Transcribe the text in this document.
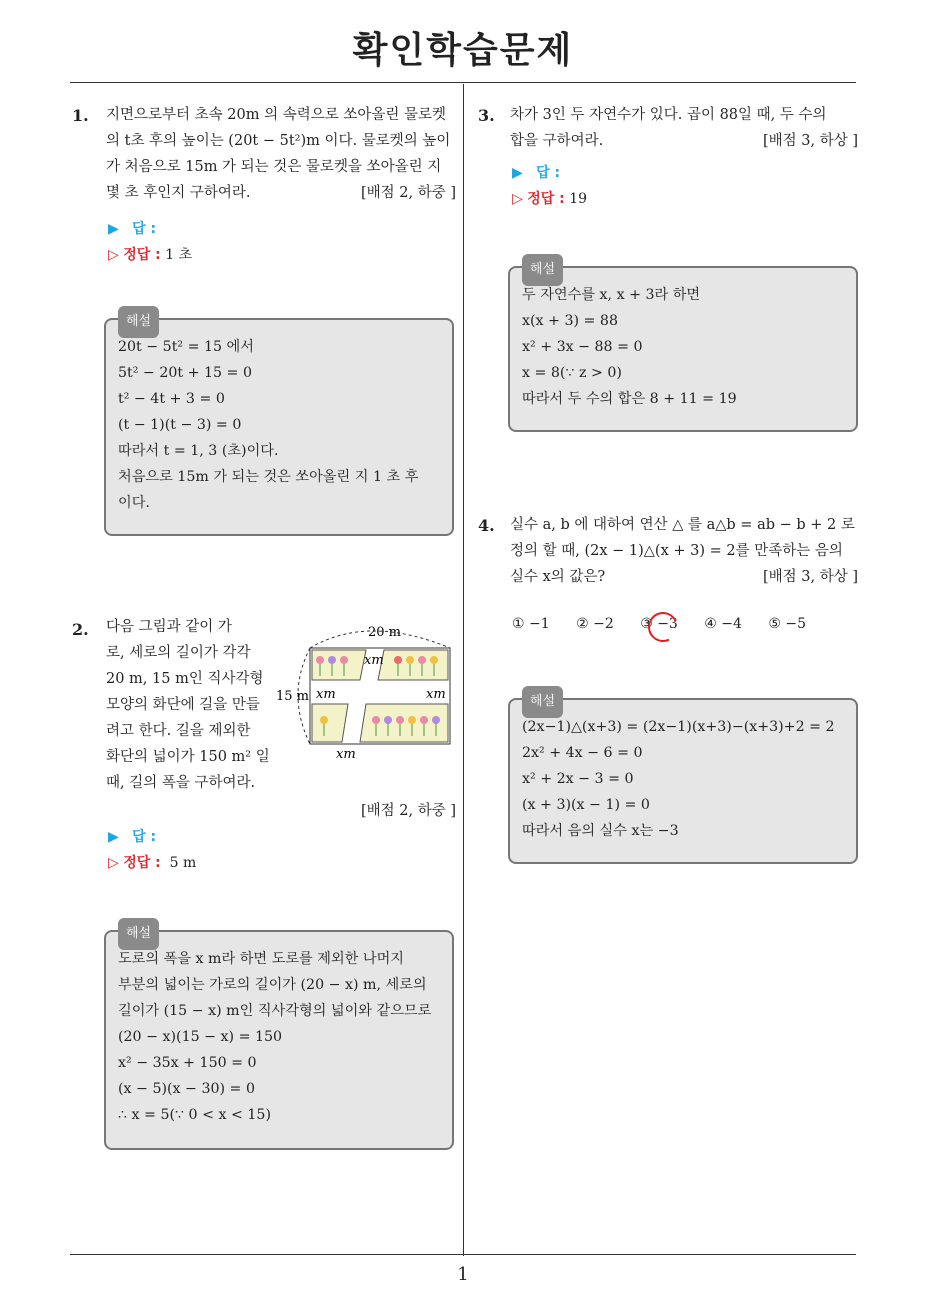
확인학습문제
1
1. 지면으로부터 초속 20m 의 속력으로 쏘아올린 물로켓
의 t초 후의 높이는 (20t − 5t²)m 이다. 물로켓의 높이
가 처음으로 15m 가 되는 것은 물로켓을 쏘아올린 지
몇 초 후인지 구하여라.	[배점 2, 하중 ]
▶ 답 :
▷ 정답 : 1 초
해설
20t − 5t² = 15 에서
5t² − 20t + 15 = 0
t² − 4t + 3 = 0
(t − 1)(t − 3) = 0
따라서 t = 1, 3 (초)이다.
처음으로 15m 가 되는 것은 쏘아올린 지 1 초 후
이다.
2. 다음 그림과 같이 가
로, 세로의 길이가 각각
20 m, 15 m인 직사각형
모양의 화단에 길을 만들
려고 한다. 길을 제외한
화단의 넓이가 150 m² 일
때, 길의 폭을 구하여라.
[배점 2, 하중 ]
20 m
15 m
xm
xm	xm
xm
▶ 답 :
▷ 정답 : 5 m
해설
도로의 폭을 x m라 하면 도로를 제외한 나머지
부분의 넓이는 가로의 길이가 (20 − x) m, 세로의
길이가 (15 − x) m인 직사각형의 넓이와 같으므로
(20 − x)(15 − x) = 150
x² − 35x + 150 = 0
(x − 5)(x − 30) = 0
∴ x = 5(∵ 0 < x < 15)
3. 차가 3인 두 자연수가 있다. 곱이 88일 때, 두 수의
합을 구하여라.	[배점 3, 하상 ]
▶ 답 :
▷ 정답 : 19
해설
두 자연수를 x, x + 3라 하면
x(x + 3) = 88
x² + 3x − 88 = 0
x = 8(∵ z > 0)
따라서 두 수의 합은 8 + 11 = 19
4. 실수 a, b 에 대하여 연산 △ 를 a△b = ab − b + 2 로
정의 할 때, (2x − 1)△(x + 3) = 2를 만족하는 음의
실수 x의 값은?	[배점 3, 하상 ]
① −1 ② −2 ③ −3 ④ −4 ⑤ −5
해설
(2x−1)△(x+3) = (2x−1)(x+3)−(x+3)+2 = 2
2x² + 4x − 6 = 0
x² + 2x − 3 = 0
(x + 3)(x − 1) = 0
따라서 음의 실수 x는 −3
